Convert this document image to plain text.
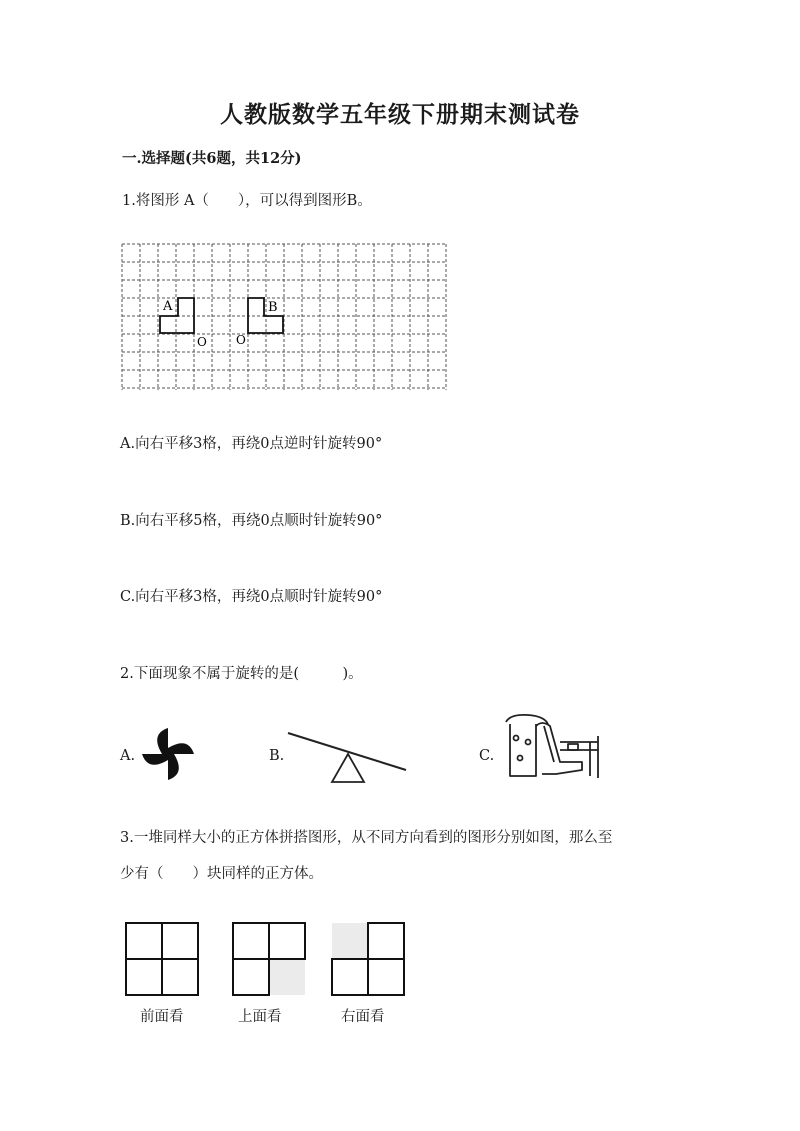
人教版数学五年级下册期末测试卷
一.选择题(共6题，共12分)
1.将图形 A（　　），可以得到图形B。
A	B
O O
A.向右平移3格，再绕0点逆时针旋转90°
B.向右平移5格，再绕0点顺时针旋转90°
C.向右平移3格，再绕0点顺时针旋转90°
2.下面现象不属于旋转的是(　　　)。
A.	B.	C.
3.一堆同样大小的正方体拼搭图形，从不同方向看到的图形分别如图，那么至
少有（　　）块同样的正方体。
前面看	上面看	右面看
